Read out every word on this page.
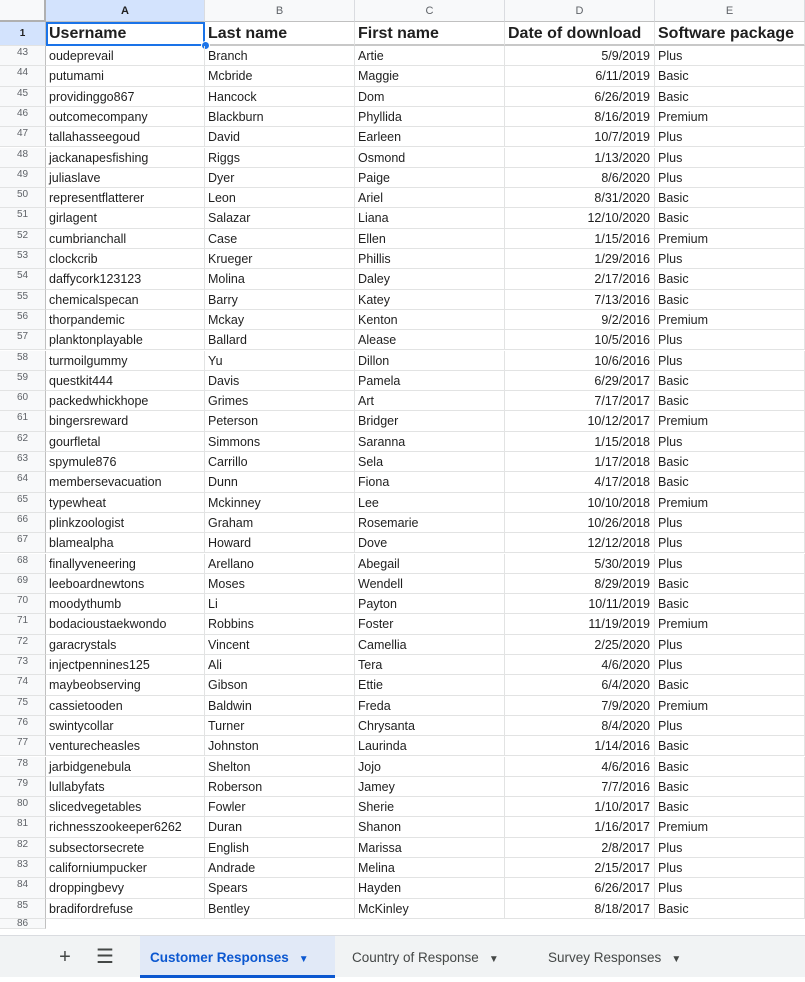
A	B	C	D	E
1	Username	Last name	First name	Date of download	Software package
43	oudeprevail	Branch	Artie	5/9/2019 Plus
44	putumami	Mcbride	Maggie	6/11/2019 Basic
45	providinggo867	Hancock	Dom	6/26/2019 Basic
46	outcomecompany	Blackburn	Phyllida	8/16/2019 Premium
47	tallahasseegoud	David	Earleen	10/7/2019 Plus
48	jackanapesfishing	Riggs	Osmond	1/13/2020 Plus
49	juliaslave	Dyer	Paige	8/6/2020 Plus
50	representflatterer	Leon	Ariel	8/31/2020 Basic
51	girlagent	Salazar	Liana	12/10/2020 Basic
52	cumbrianchall	Case	Ellen	1/15/2016 Premium
53	clockcrib	Krueger	Phillis	1/29/2016 Plus
54	daffycork123123	Molina	Daley	2/17/2016 Basic
55	chemicalspecan	Barry	Katey	7/13/2016 Basic
56	thorpandemic	Mckay	Kenton	9/2/2016 Premium
57	planktonplayable	Ballard	Alease	10/5/2016 Plus
58	turmoilgummy	Yu	Dillon	10/6/2016 Plus
59	questkit444	Davis	Pamela	6/29/2017 Basic
60	packedwhickhope	Grimes	Art	7/17/2017 Basic
61	bingersreward	Peterson	Bridger	10/12/2017 Premium
62	gourfletal	Simmons	Saranna	1/15/2018 Plus
63	spymule876	Carrillo	Sela	1/17/2018 Basic
64	membersevacuation	Dunn	Fiona	4/17/2018 Basic
65	typewheat	Mckinney	Lee	10/10/2018 Premium
66	plinkzoologist	Graham	Rosemarie	10/26/2018 Plus
67	blamealpha	Howard	Dove	12/12/2018 Plus
68	finallyveneering	Arellano	Abegail	5/30/2019 Plus
69	leeboardnewtons	Moses	Wendell	8/29/2019 Basic
70	moodythumb	Li	Payton	10/11/2019 Basic
71	bodacioustaekwondo	Robbins	Foster	11/19/2019 Premium
72	garacrystals	Vincent	Camellia	2/25/2020 Plus
73	injectpennines125	Ali	Tera	4/6/2020 Plus
74	maybeobserving	Gibson	Ettie	6/4/2020 Basic
75	cassietooden	Baldwin	Freda	7/9/2020 Premium
76	swintycollar	Turner	Chrysanta	8/4/2020 Plus
77	venturecheasles	Johnston	Laurinda	1/14/2016 Basic
78	jarbidgenebula	Shelton	Jojo	4/6/2016 Basic
79	lullabyfats	Roberson	Jamey	7/7/2016 Basic
80	slicedvegetables	Fowler	Sherie	1/10/2017 Basic
81	richnesszookeeper6262	Duran	Shanon	1/16/2017 Premium
82	subsectorsecrete	English	Marissa	2/8/2017 Plus
83	californiumpucker	Andrade	Melina	2/15/2017 Plus
84	droppingbevy	Spears	Hayden	6/26/2017 Plus
85	bradifordrefuse	Bentley	McKinley	8/18/2017 Basic
86
+	☰	Customer Responses ▼	Country of Response ▼	Survey Responses ▼
